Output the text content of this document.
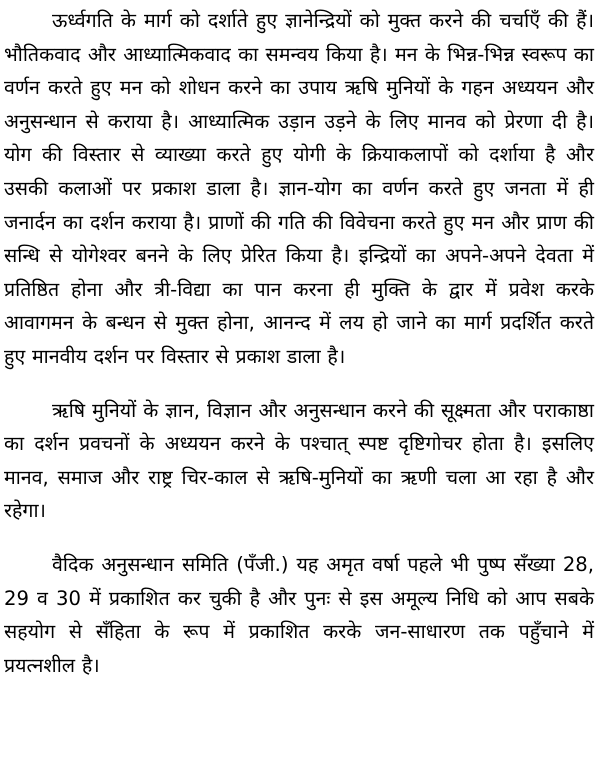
ऊर्ध्वगति के मार्ग को दर्शाते हुए ज्ञानेन्द्रियों को मुक्त करने की चर्चाएँ की हैं। भौतिकवाद और आध्यात्मिकवाद का समन्वय किया है। मन के भिन्न-भिन्न स्वरूप का वर्णन करते हुए मन को शोधन करने का उपाय ऋषि मुनियों के गहन अध्ययन और अनुसन्धान से कराया है। आध्यात्मिक उड़ान उड़ने के लिए मानव को प्रेरणा दी है। योग की विस्तार से व्याख्या करते हुए योगी के क्रियाकलापों को दर्शाया है और उसकी कलाओं पर प्रकाश डाला है। ज्ञान-योग का वर्णन करते हुए जनता में ही जनार्दन का दर्शन कराया है। प्राणों की गति की विवेचना करते हुए मन और प्राण की सन्धि से योगेश्वर बनने के लिए प्रेरित किया है। इन्द्रियों का अपने-अपने देवता में प्रतिष्ठित होना और त्री-विद्या का पान करना ही मुक्ति के द्वार में प्रवेश करके आवागमन के बन्धन से मुक्त होना, आनन्द में लय हो जाने का मार्ग प्रदर्शित करते हुए मानवीय दर्शन पर विस्तार से प्रकाश डाला है।

ऋषि मुनियों के ज्ञान, विज्ञान और अनुसन्धान करने की सूक्ष्मता और पराकाष्ठा का दर्शन प्रवचनों के अध्ययन करने के पश्चात् स्पष्ट दृष्टिगोचर होता है। इसलिए मानव, समाज और राष्ट्र चिर-काल से ऋषि-मुनियों का ऋणी चला आ रहा है और रहेगा।

वैदिक अनुसन्धान समिति (पँजी.) यह अमृत वर्षा पहले भी पुष्प सँख्या 28, 29 व 30 में प्रकाशित कर चुकी है और पुनः से इस अमूल्य निधि को आप सबके सहयोग से सँहिता के रूप में प्रकाशित करके जन-साधारण तक पहुँचाने में प्रयत्नशील है।
